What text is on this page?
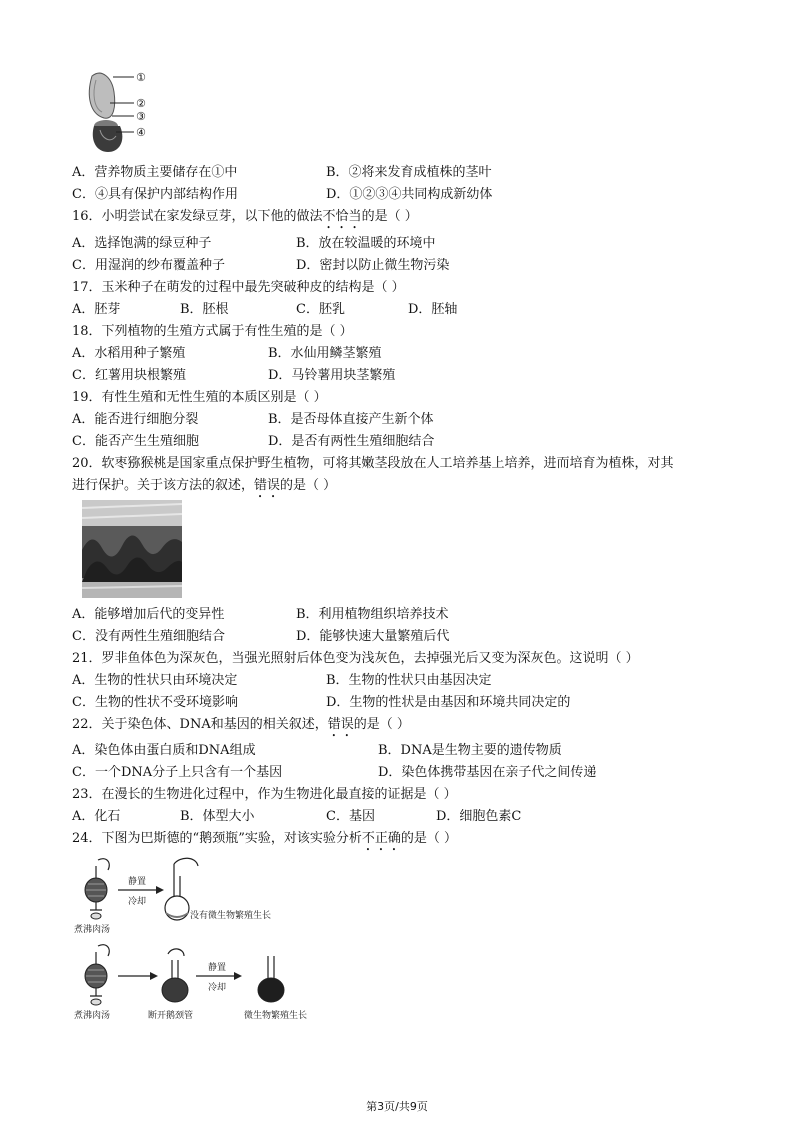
①
②
③
④
A．营养物质主要储存在①中	B．②将来发育成植株的茎叶
C．④具有保护内部结构作用	D．①②③④共同构成新幼体
16．小明尝试在家发绿豆芽，以下他的做法不恰当的是（ ）
A．选择饱满的绿豆种子	B．放在较温暖的环境中
C．用湿润的纱布覆盖种子	D．密封以防止微生物污染
17．玉米种子在萌发的过程中最先突破种皮的结构是（ ）
A．胚芽	B．胚根	C．胚乳	D．胚轴
18．下列植物的生殖方式属于有性生殖的是（ ）
A．水稻用种子繁殖	B．水仙用鳞茎繁殖
C．红薯用块根繁殖	D．马铃薯用块茎繁殖
19．有性生殖和无性生殖的本质区别是（ ）
A．能否进行细胞分裂	B．是否母体直接产生新个体
C．能否产生生殖细胞	D．是否有两性生殖细胞结合
20．软枣猕猴桃是国家重点保护野生植物，可将其嫩茎段放在人工培养基上培养，进而培育为植株，对其
进行保护。关于该方法的叙述，错误的是（ ）
A．能够增加后代的变异性	B．利用植物组织培养技术
C．没有两性生殖细胞结合	D．能够快速大量繁殖后代
21．罗非鱼体色为深灰色，当强光照射后体色变为浅灰色，去掉强光后又变为深灰色。这说明（ ）
A．生物的性状只由环境决定	B．生物的性状只由基因决定
C．生物的性状不受环境影响	D．生物的性状是由基因和环境共同决定的
22．关于染色体、DNA和基因的相关叙述，错误的是（ ）
A．染色体由蛋白质和DNA组成	B．DNA是生物主要的遗传物质
C．一个DNA分子上只含有一个基因	D．染色体携带基因在亲子代之间传递
23．在漫长的生物进化过程中，作为生物进化最直接的证据是（ ）
A．化石	B．体型大小	C．基因	D．细胞色素C
24．下图为巴斯德的“鹅颈瓶”实验，对该实验分析不正确的是（ ）
静置
冷却
没有微生物繁殖生长
煮沸肉汤
静置
冷却
煮沸肉汤	断开鹅颈管	微生物繁殖生长
第3页/共9页
